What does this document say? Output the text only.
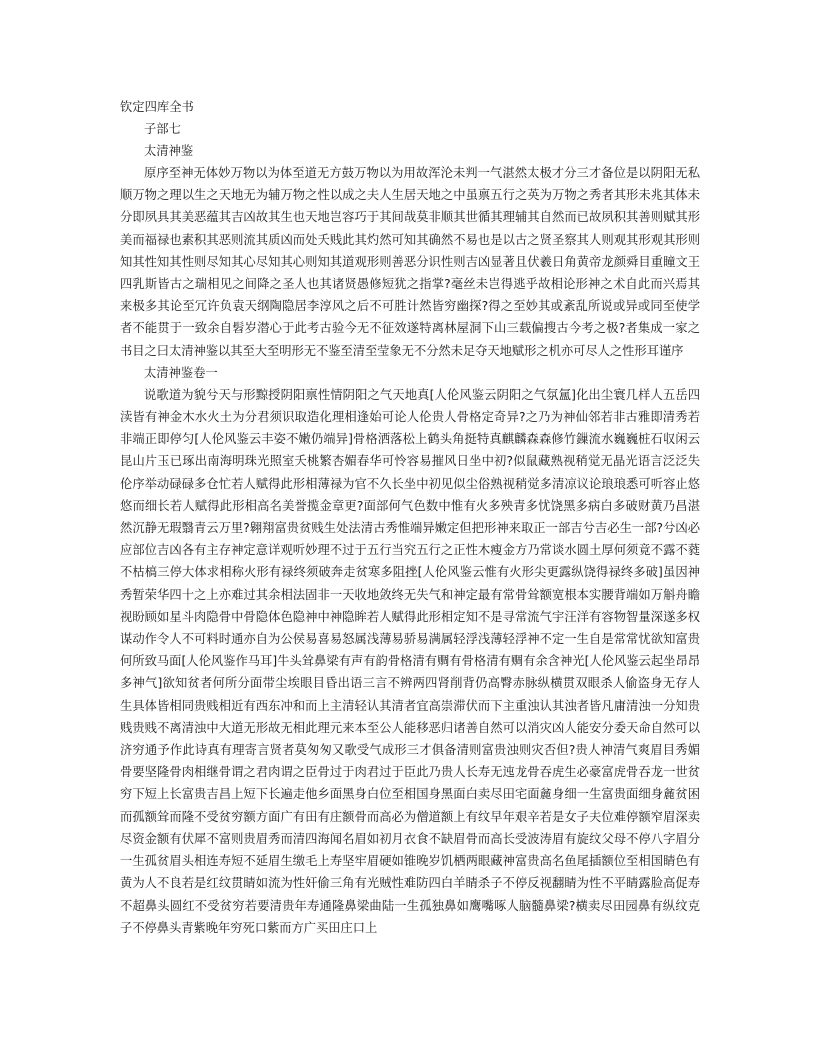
钦定四库全书

子部七

太清神鉴

原序至神无体妙万物以为体至道无方鼓万物以为用故浑沦未判一气湛然太极才分三才备位是以阴阳无私顺万物之理以生之天地无为辅万物之性以成之夫人生居天地之中虽禀五行之英为万物之秀者其形未兆其体未分即夙具其美恶蕴其吉凶故其生也天地岂容巧于其间哉莫非顺其世循其理辅其自然而已故夙积其善则赋其形美而福禄也素积其恶则流其质凶而处夭贱此其灼然可知其确然不易也是以古之贤圣察其人则观其形观其形则知其性知其性则尽知其心尽知其心则知其道观形则善恶分识性则吉凶显著且伏羲日角黄帝龙颜舜目重瞳文王四乳斯皆古之瑞相见之间降之圣人也其诸贤愚修短犹之指掌?毫丝未岂得逃乎故相论形神之术自此而兴焉其来极多其论至冗许负袁天纲陶隐居李淳风之后不可胜计然皆穷幽探?得之至妙其或紊乱所说或异或同至使学者不能贯于一致余自髫岁潜心于此考古验今无不征效遂特离林屋洞下山三载偏搜古今考之极?者集成一家之书目之曰太清神鉴以其至大至明形无不鉴至清至莹象无不分然未足夺天地赋形之机亦可尽人之性形耳谨序

太清神鉴卷一

说歌道为貌兮天与形黥授阴阳禀性情阴阳之气天地真[人伦风鉴云阴阳之气氛氲]化出尘寰几样人五岳四渎皆有神金木水火土为分君须识取造化理相逢始可论人伦贵人骨格定奇异?之乃为神仙邻若非古雅即清秀若非端正即停匀[人伦风鉴云丰姿不嫩仍端异]骨格洒落松上鹤头角挺特真麒麟森森修竹鏁流水巍巍桩石収闲云昆山片玉已琢出南海明珠光照室夭桃繁杏媚春华可怜容易摧风日坐中初?似鼠藏熟视稍觉无晶光语言泛泛失伦序举动碌碌多仓忙若人赋得此形相薄禄为官不久长坐中初见似尘俗熟视稍觉多清凉议论琅琅悉可听容止悠悠而细长若人赋得此形相高名美誉揽金章更?面部何气色数中惟有火多殃青多忧饶黑多病白多破财黄乃昌湛然沉静无瑕翳青云万里?翱翔富贵贫贱生处法清古秀惟端异嫩定但把形神来取正一部吉兮吉必生一部?兮凶必应部位吉凶各有主存神定意详观听妙理不过于五行当究五行之正性木瘦金方乃常谈水圆土厚何须竟不露不蕤不枯槁三停大体求相称火形有禄终须破奔走贫寒多阻挫[人伦风鉴云惟有火形尖更露纵饶得禄终多破]虽因神秀暂荣华四十之上亦难过其余相法固非一天收地敛终无失气和神定最有常骨耸额宽根本实腰背端如万斛舟瞻视盼顾如星斗肉隐骨中骨隐体色隐神中神隐眸若人赋得此形相定知不是寻常流气宇汪洋有容物智量深遂多权谋动作令人不可料时通亦自为公侯易喜易怒属浅薄易骄易满属轻浮浅薄轻浮神不定一生自是常常忧欲知富贵何所致马面[人伦风鉴作马耳]牛头耸鼻梁有声有韵骨格清有赒有骨格清有赒有余含神光[人伦风鉴云起坐昂昂多神气]欲知贫者何所分面带尘埃眼目昏出语三言不辨两四肾削背仍高臀赤脉纵横贯双眼杀人偷盗身无存人生具体皆相同贵贱相近有西东冲和而上主清轻认其清者宜高崇滞伏而下主重浊认其浊者皆凡庸清浊一分知贵贱贵贱不离清浊中大道无形故无相此理元来本至公人能移恶归诸善自然可以消灾凶人能安分委天命自然可以济穷通予作此诗真有理寄言贤者莫匆匆又歌受气成形三才俱备清则富贵浊则灾否但?贵人神清气爽眉目秀媚骨要坚隆骨肉相继骨谓之君肉谓之臣骨过于肉君过于臣此乃贵人长寿无迍龙骨吞虎生必豪富虎骨吞龙一世贫穷下短上长富贵吉昌上短下长遍走他乡面黑身白位至相国身黑面白卖尽田宅面麄身细一生富贵面细身麄贫困而孤额耸而隆不受贫穷额方面广有田有庄额骨而高必为僧道额上有纹早年艰辛若是女子夫位难停额窄眉深卖尽资金额有伏犀不富则贵眉秀而清四海闻名眉如初月衣食不缺眉骨而高长受波涛眉有旋纹父母不停八字眉分一生孤贫眉头相连寿短不延眉生缴毛上寿坚牢眉硬如锥晚岁饥栖两眼藏神富贵高名鱼尾插额位至相国睛色有黄为人不良若是红纹贯睛如流为性奸偷三角有光贼性难防四白羊睛杀子不停反视翻睛为性不平睛露脸高促寿不超鼻头圆红不受贫穷若要清贵年寿通隆鼻梁曲陆一生孤独鼻如鹰嘴啄人脑髓鼻梁?横卖尽田园鼻有纵纹克子不停鼻头青紫晚年穷死口紫而方广买田庄口上
